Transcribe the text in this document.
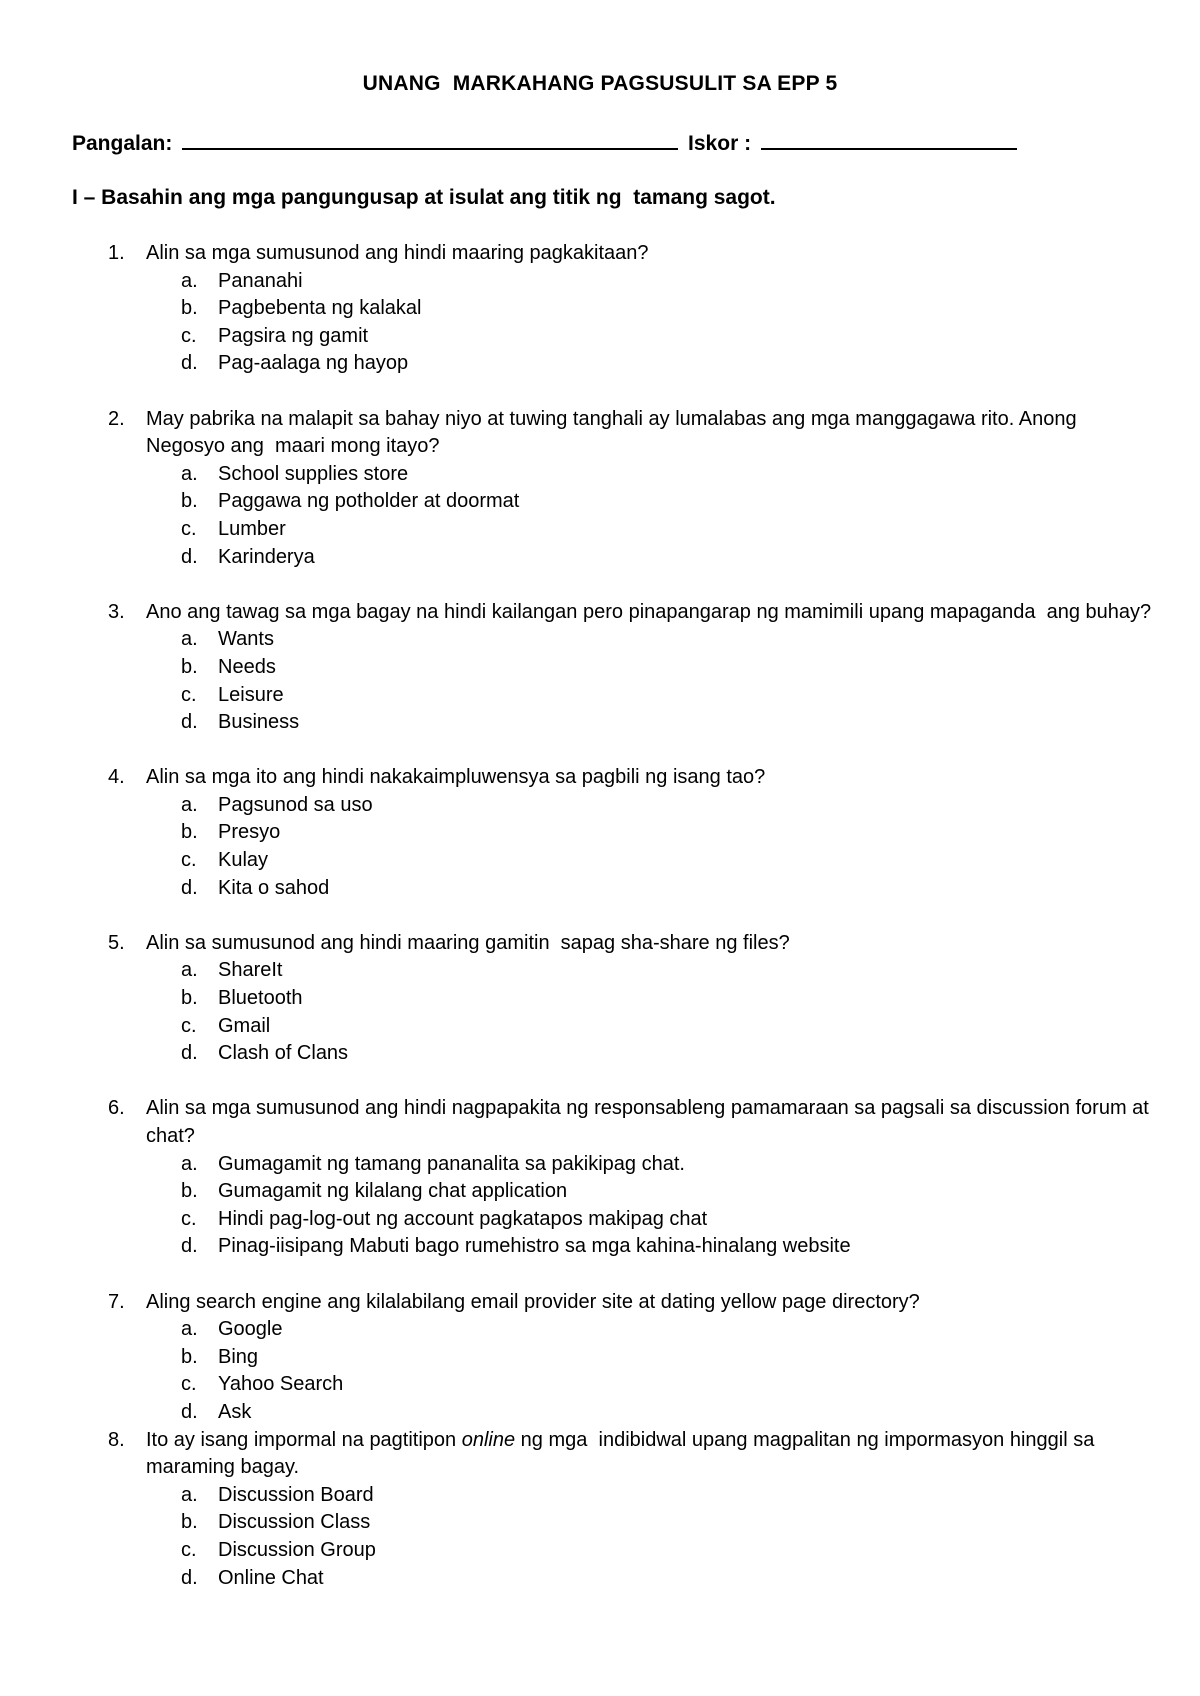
UNANG  MARKAHANG PAGSUSULIT SA EPP 5
Pangalan:	Iskor :
I – Basahin ang mga pangungusap at isulat ang titik ng  tamang sagot.
1. Alin sa mga sumusunod ang hindi maaring pagkakitaan?
a. Pananahi
b. Pagbebenta ng kalakal
c. Pagsira ng gamit
d. Pag-aalaga ng hayop
2. May pabrika na malapit sa bahay niyo at tuwing tanghali ay lumalabas ang mga manggagawa rito. Anong Negosyo ang  maari mong itayo?
a. School supplies store
b. Paggawa ng potholder at doormat
c. Lumber
d. Karinderya
3. Ano ang tawag sa mga bagay na hindi kailangan pero pinapangarap ng mamimili upang mapaganda  ang buhay?
a. Wants
b. Needs
c. Leisure
d. Business
4. Alin sa mga ito ang hindi nakakaimpluwensya sa pagbili ng isang tao?
a. Pagsunod sa uso
b. Presyo
c. Kulay
d. Kita o sahod
5. Alin sa sumusunod ang hindi maaring gamitin  sapag sha-share ng files?
a. ShareIt
b. Bluetooth
c. Gmail
d. Clash of Clans
6. Alin sa mga sumusunod ang hindi nagpapakita ng responsableng pamamaraan sa pagsali sa discussion forum at chat?
a. Gumagamit ng tamang pananalita sa pakikipag chat.
b. Gumagamit ng kilalang chat application
c. Hindi pag-log-out ng account pagkatapos makipag chat
d. Pinag-iisipang Mabuti bago rumehistro sa mga kahina-hinalang website
7. Aling search engine ang kilalabilang email provider site at dating yellow page directory?
a. Google
b. Bing
c. Yahoo Search
d. Ask
8. Ito ay isang impormal na pagtitipon online ng mga  indibidwal upang magpalitan ng impormasyon hinggil sa maraming bagay.
a. Discussion Board
b. Discussion Class
c. Discussion Group
d. Online Chat
